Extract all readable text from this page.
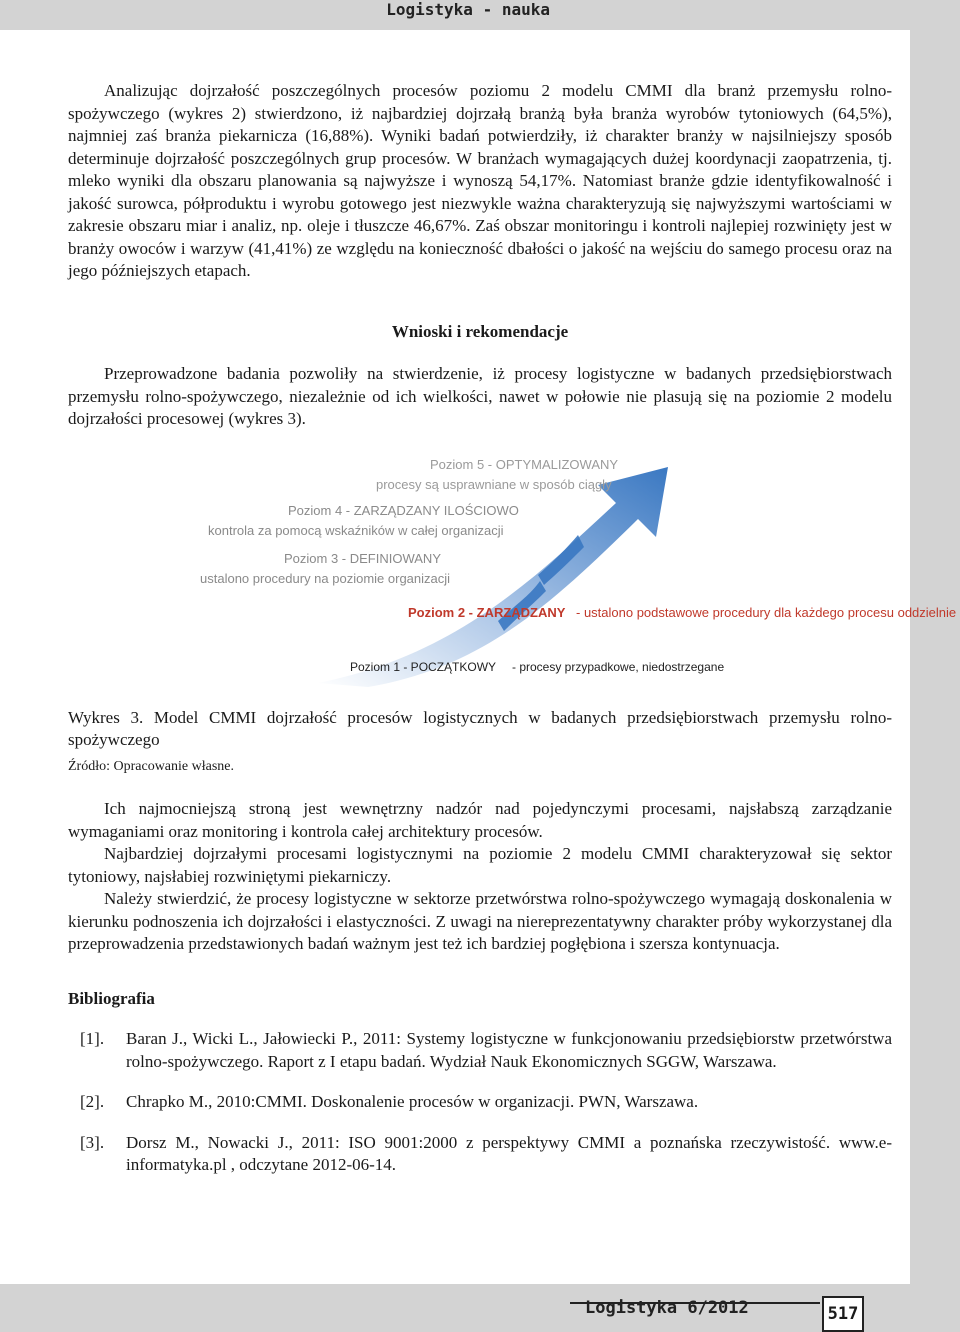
Logistyka - nauka

Analizując dojrzałość poszczególnych procesów poziomu 2 modelu CMMI dla branż przemysłu rolno-spożywczego (wykres 2) stwierdzono, iż najbardziej dojrzałą branżą była branża wyrobów tytoniowych (64,5%), najmniej zaś branża piekarnicza (16,88%). Wyniki badań potwierdziły, iż charakter branży w najsilniejszy sposób determinuje dojrzałość poszczególnych grup procesów. W branżach wymagających dużej koordynacji zaopatrzenia, tj. mleko wyniki dla obszaru planowania są najwyższe i wynoszą 54,17%. Natomiast branże gdzie identyfikowalność i jakość surowca, półproduktu i wyrobu gotowego jest niezwykle ważna charakteryzują się najwyższymi wartościami w zakresie obszaru miar i analiz, np. oleje i tłuszcze 46,67%. Zaś obszar monitoringu i kontroli najlepiej rozwinięty jest w branży owoców i warzyw (41,41%) ze względu na konieczność dbałości o jakość na wejściu do samego procesu oraz na jego późniejszych etapach.

Wnioski i rekomendacje

Przeprowadzone badania pozwoliły na stwierdzenie, iż procesy logistyczne w badanych przedsiębiorstwach przemysłu rolno-spożywczego, niezależnie od ich wielkości, nawet w połowie nie plasują się na poziomie 2 modelu dojrzałości procesowej (wykres 3).

Poziom 5 - OPTYMALIZOWANY
procesy są usprawniane w sposób ciągły
Poziom 4 - ZARZĄDZANY ILOŚCIOWO
kontrola za pomocą wskaźników w całej organizacji
Poziom 3 - DEFINIOWANY
ustalono procedury na poziomie organizacji
Poziom 2 - ZARZĄDZANY - ustalono podstawowe procedury dla każdego procesu oddzielnie
Poziom 1 - POCZĄTKOWY - procesy przypadkowe, niedostrzegane

Wykres 3. Model CMMI dojrzałość procesów logistycznych w badanych przedsiębiorstwach przemysłu rolno-spożywczego

Źródło: Opracowanie własne.

Ich najmocniejszą stroną jest wewnętrzny nadzór nad pojedynczymi procesami, najsłabszą zarządzanie wymaganiami oraz monitoring i kontrola całej architektury procesów.

Najbardziej dojrzałymi procesami logistycznymi na poziomie 2 modelu CMMI charakteryzował się sektor tytoniowy, najsłabiej rozwiniętymi piekarniczy.

Należy stwierdzić, że procesy logistyczne w sektorze przetwórstwa rolno-spożywczego wymagają doskonalenia w kierunku podnoszenia ich dojrzałości i elastyczności. Z uwagi na niereprezentatywny charakter próby wykorzystanej dla przeprowadzenia przedstawionych badań ważnym jest też ich bardziej pogłębiona i szersza kontynuacja.

Bibliografia

[1].	Baran J., Wicki L., Jałowiecki P., 2011: Systemy logistyczne w funkcjonowaniu przedsiębiorstw przetwórstwa rolno-spożywczego. Raport z I etapu badań. Wydział Nauk Ekonomicznych SGGW, Warszawa.
[2].	Chrapko M., 2010:CMMI. Doskonalenie procesów w organizacji. PWN, Warszawa.
[3].	Dorsz M., Nowacki J., 2011: ISO 9001:2000 z perspektywy CMMI a poznańska rzeczywistość. www.e-informatyka.pl , odczytane 2012-06-14.
Logistyka 6/2012	517
